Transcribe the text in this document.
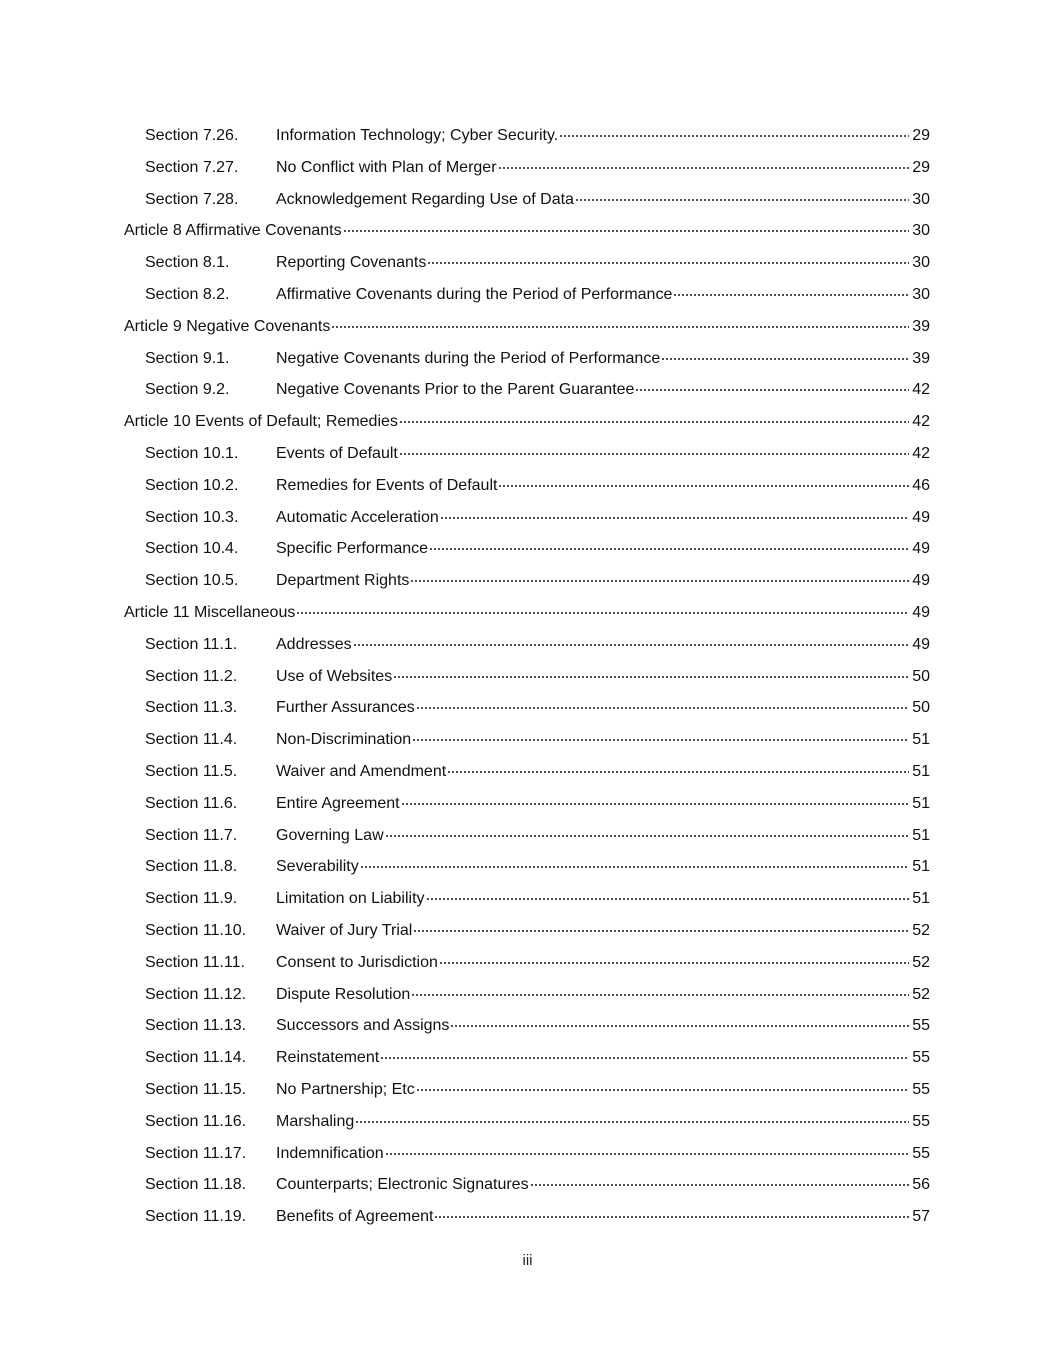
Section 7.26.	Information Technology; Cyber Security.	29
Section 7.27.	No Conflict with Plan of Merger	29
Section 7.28.	Acknowledgement Regarding Use of Data	30
Article 8 Affirmative Covenants	30
Section 8.1.	Reporting Covenants	30
Section 8.2.	Affirmative Covenants during the Period of Performance	30
Article 9 Negative Covenants	39
Section 9.1.	Negative Covenants during the Period of Performance	39
Section 9.2.	Negative Covenants Prior to the Parent Guarantee	42
Article 10 Events of Default; Remedies	42
Section 10.1.	Events of Default	42
Section 10.2.	Remedies for Events of Default	46
Section 10.3.	Automatic Acceleration	49
Section 10.4.	Specific Performance	49
Section 10.5.	Department Rights	49
Article 11 Miscellaneous	49
Section 11.1.	Addresses	49
Section 11.2.	Use of Websites	50
Section 11.3.	Further Assurances	50
Section 11.4.	Non-Discrimination	51
Section 11.5.	Waiver and Amendment	51
Section 11.6.	Entire Agreement	51
Section 11.7.	Governing Law	51
Section 11.8.	Severability	51
Section 11.9.	Limitation on Liability	51
Section 11.10.	Waiver of Jury Trial	52
Section 11.11.	Consent to Jurisdiction	52
Section 11.12.	Dispute Resolution	52
Section 11.13.	Successors and Assigns	55
Section 11.14.	Reinstatement	55
Section 11.15.	No Partnership; Etc	55
Section 11.16.	Marshaling	55
Section 11.17.	Indemnification	55
Section 11.18.	Counterparts; Electronic Signatures	56
Section 11.19.	Benefits of Agreement	57
iii
